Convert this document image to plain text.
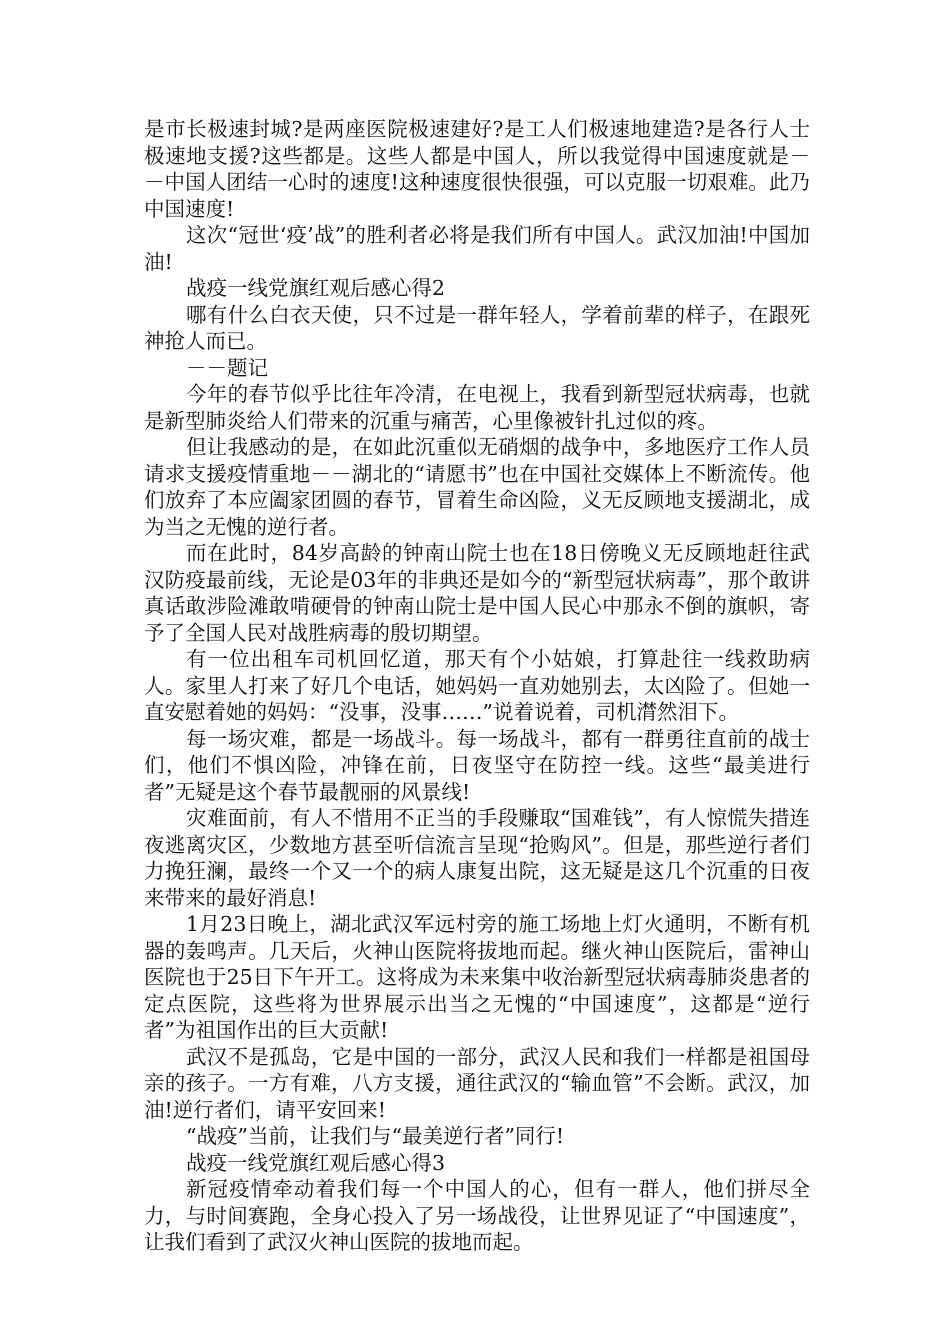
是市长极速封城?是两座医院极速建好?是工人们极速地建造?是各行人士极速地支援?这些都是。这些人都是中国人，所以我觉得中国速度就是－－中国人团结一心时的速度!这种速度很快很强，可以克服一切艰难。此乃中国速度!

这次“冠世‘疫’战”的胜利者必将是我们所有中国人。武汉加油!中国加油!

战疫一线党旗红观后感心得2

哪有什么白衣天使，只不过是一群年轻人，学着前辈的样子，在跟死神抢人而已。

－－题记

今年的春节似乎比往年冷清，在电视上，我看到新型冠状病毒，也就是新型肺炎给人们带来的沉重与痛苦，心里像被针扎过似的疼。

但让我感动的是，在如此沉重似无硝烟的战争中，多地医疗工作人员请求支援疫情重地－－湖北的“请愿书”也在中国社交媒体上不断流传。他们放弃了本应阖家团圆的春节，冒着生命凶险，义无反顾地支援湖北，成为当之无愧的逆行者。

而在此时，84岁高龄的钟南山院士也在18日傍晚义无反顾地赶往武汉防疫最前线，无论是03年的非典还是如今的“新型冠状病毒”，那个敢讲真话敢涉险滩敢啃硬骨的钟南山院士是中国人民心中那永不倒的旗帜，寄予了全国人民对战胜病毒的殷切期望。

有一位出租车司机回忆道，那天有个小姑娘，打算赴往一线救助病人。家里人打来了好几个电话，她妈妈一直劝她别去，太凶险了。但她一直安慰着她的妈妈：“没事，没事……”说着说着，司机潸然泪下。

每一场灾难，都是一场战斗。每一场战斗，都有一群勇往直前的战士们，他们不惧凶险，冲锋在前，日夜坚守在防控一线。这些“最美进行者”无疑是这个春节最靓丽的风景线!

灾难面前，有人不惜用不正当的手段赚取“国难钱”，有人惊慌失措连夜逃离灾区，少数地方甚至听信流言呈现“抢购风”。但是，那些逆行者们力挽狂澜，最终一个又一个的病人康复出院，这无疑是这几个沉重的日夜来带来的最好消息!

1月23日晚上，湖北武汉军远村旁的施工场地上灯火通明，不断有机器的轰鸣声。几天后，火神山医院将拔地而起。继火神山医院后，雷神山医院也于25日下午开工。这将成为未来集中收治新型冠状病毒肺炎患者的定点医院，这些将为世界展示出当之无愧的“中国速度”，这都是“逆行者”为祖国作出的巨大贡献!

武汉不是孤岛，它是中国的一部分，武汉人民和我们一样都是祖国母亲的孩子。一方有难，八方支援，通往武汉的“输血管”不会断。武汉，加油!逆行者们，请平安回来!

“战疫”当前，让我们与“最美逆行者”同行!

战疫一线党旗红观后感心得3

新冠疫情牵动着我们每一个中国人的心，但有一群人，他们拼尽全力，与时间赛跑，全身心投入了另一场战役，让世界见证了“中国速度”，让我们看到了武汉火神山医院的拔地而起。
